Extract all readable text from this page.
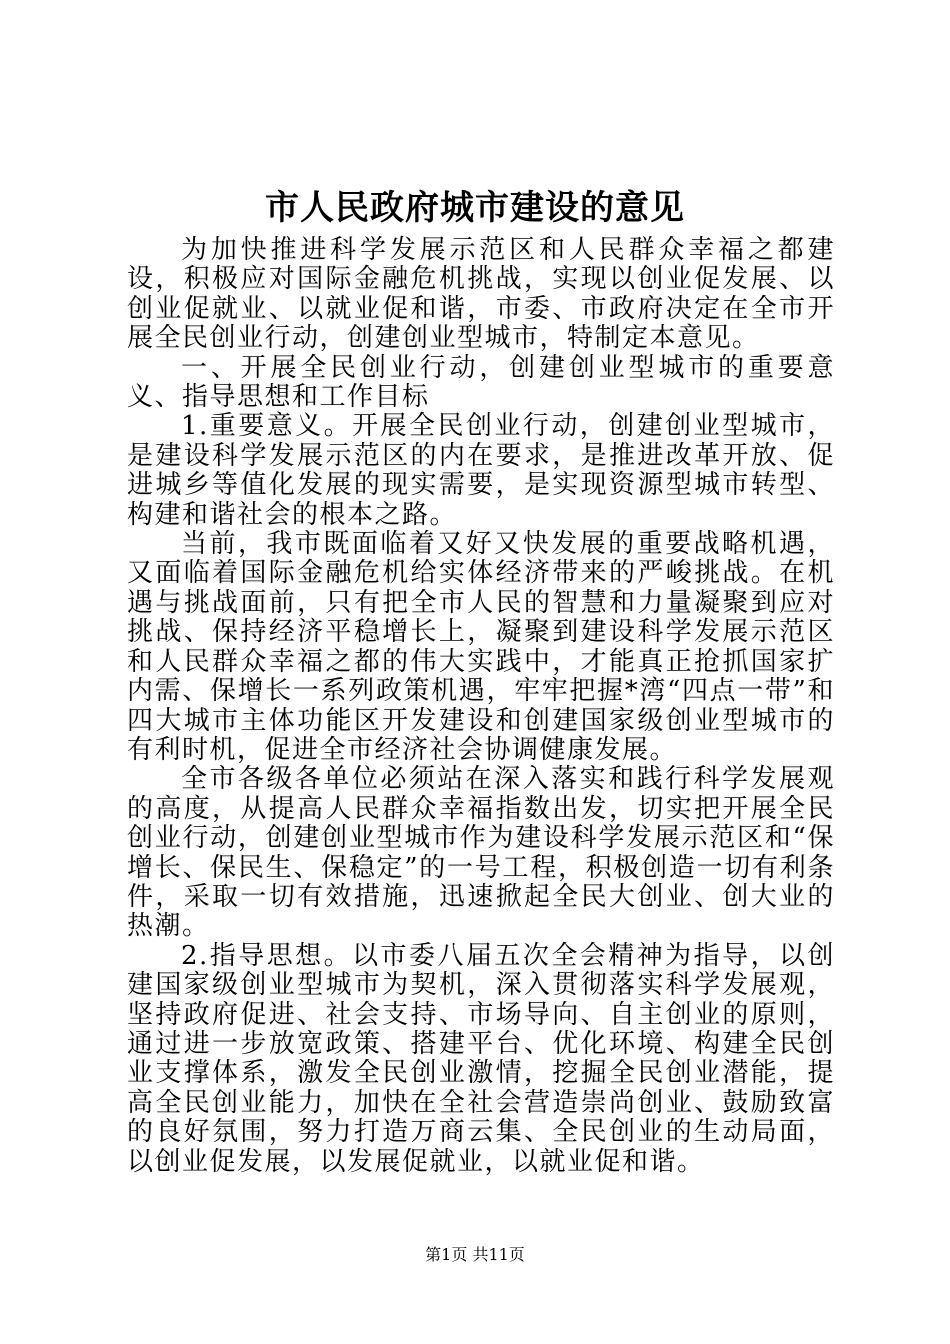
市人民政府城市建设的意见

为加快推进科学发展示范区和人民群众幸福之都建设，积极应对国际金融危机挑战，实现以创业促发展、以创业促就业、以就业促和谐，市委、市政府决定在全市开展全民创业行动，创建创业型城市，特制定本意见。

一、开展全民创业行动，创建创业型城市的重要意义、指导思想和工作目标

1.重要意义。开展全民创业行动，创建创业型城市，是建设科学发展示范区的内在要求，是推进改革开放、促进城乡等值化发展的现实需要，是实现资源型城市转型、构建和谐社会的根本之路。

当前，我市既面临着又好又快发展的重要战略机遇，又面临着国际金融危机给实体经济带来的严峻挑战。在机遇与挑战面前，只有把全市人民的智慧和力量凝聚到应对挑战、保持经济平稳增长上，凝聚到建设科学发展示范区和人民群众幸福之都的伟大实践中，才能真正抢抓国家扩内需、保增长一系列政策机遇，牢牢把握*湾“四点一带”和四大城市主体功能区开发建设和创建国家级创业型城市的有利时机，促进全市经济社会协调健康发展。

全市各级各单位必须站在深入落实和践行科学发展观的高度，从提高人民群众幸福指数出发，切实把开展全民创业行动，创建创业型城市作为建设科学发展示范区和“保增长、保民生、保稳定”的一号工程，积极创造一切有利条件，采取一切有效措施，迅速掀起全民大创业、创大业的热潮。

2.指导思想。以市委八届五次全会精神为指导，以创建国家级创业型城市为契机，深入贯彻落实科学发展观，坚持政府促进、社会支持、市场导向、自主创业的原则，通过进一步放宽政策、搭建平台、优化环境、构建全民创业支撑体系，激发全民创业激情，挖掘全民创业潜能，提高全民创业能力，加快在全社会营造崇尚创业、鼓励致富的良好氛围，努力打造万商云集、全民创业的生动局面，以创业促发展，以发展促就业，以就业促和谐。

第1页 共11页
